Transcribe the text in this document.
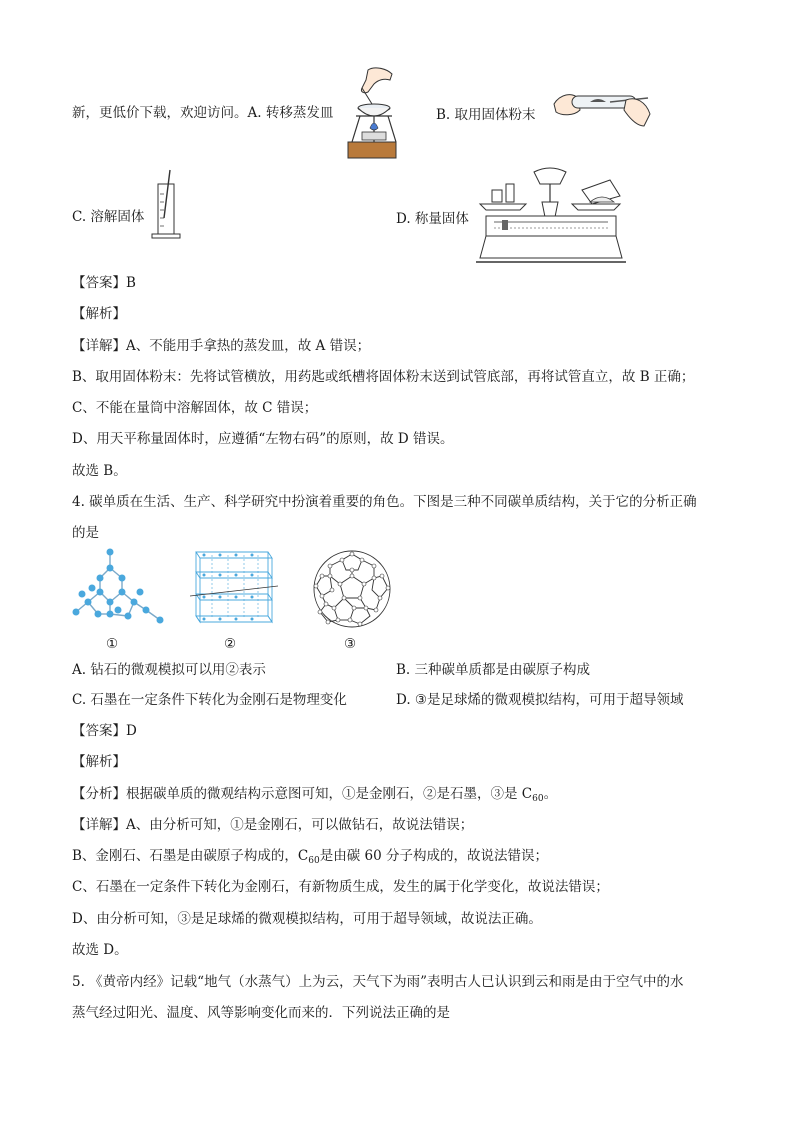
新，更低价下载，欢迎访问。A. 转移蒸发皿	B. 取用固体粉末
C. 溶解固体	D. 称量固体
【答案】B
【解析】
【详解】A、不能用手拿热的蒸发皿，故 A 错误；
B、取用固体粉末：先将试管横放，用药匙或纸槽将固体粉末送到试管底部，再将试管直立，故 B 正确；
C、不能在量筒中溶解固体，故 C 错误；
D、用天平称量固体时，应遵循“左物右码”的原则，故 D 错误。
故选 B。
4. 碳单质在生活、生产、科学研究中扮演着重要的角色。下图是三种不同碳单质结构，关于它的分析正确
的是
①	②	③
A. 钻石的微观模拟可以用②表示	B. 三种碳单质都是由碳原子构成
C. 石墨在一定条件下转化为金刚石是物理变化	D. ③是足球烯的微观模拟结构，可用于超导领域
【答案】D
【解析】
【分析】根据碳单质的微观结构示意图可知，①是金刚石，②是石墨，③是 $C_{60}$。
【详解】A、由分析可知，①是金刚石，可以做钻石，故说法错误；
B、金刚石、石墨是由碳原子构成的，$C_{60}$是由碳 60 分子构成的，故说法错误；
C、石墨在一定条件下转化为金刚石，有新物质生成，发生的属于化学变化，故说法错误；
D、由分析可知，③是足球烯的微观模拟结构，可用于超导领域，故说法正确。
故选 D。
5. 《黄帝内经》记载“地气（水蒸气）上为云，天气下为雨”表明古人已认识到云和雨是由于空气中的水
蒸气经过阳光、温度、风等影响变化而来的．下列说法正确的是
